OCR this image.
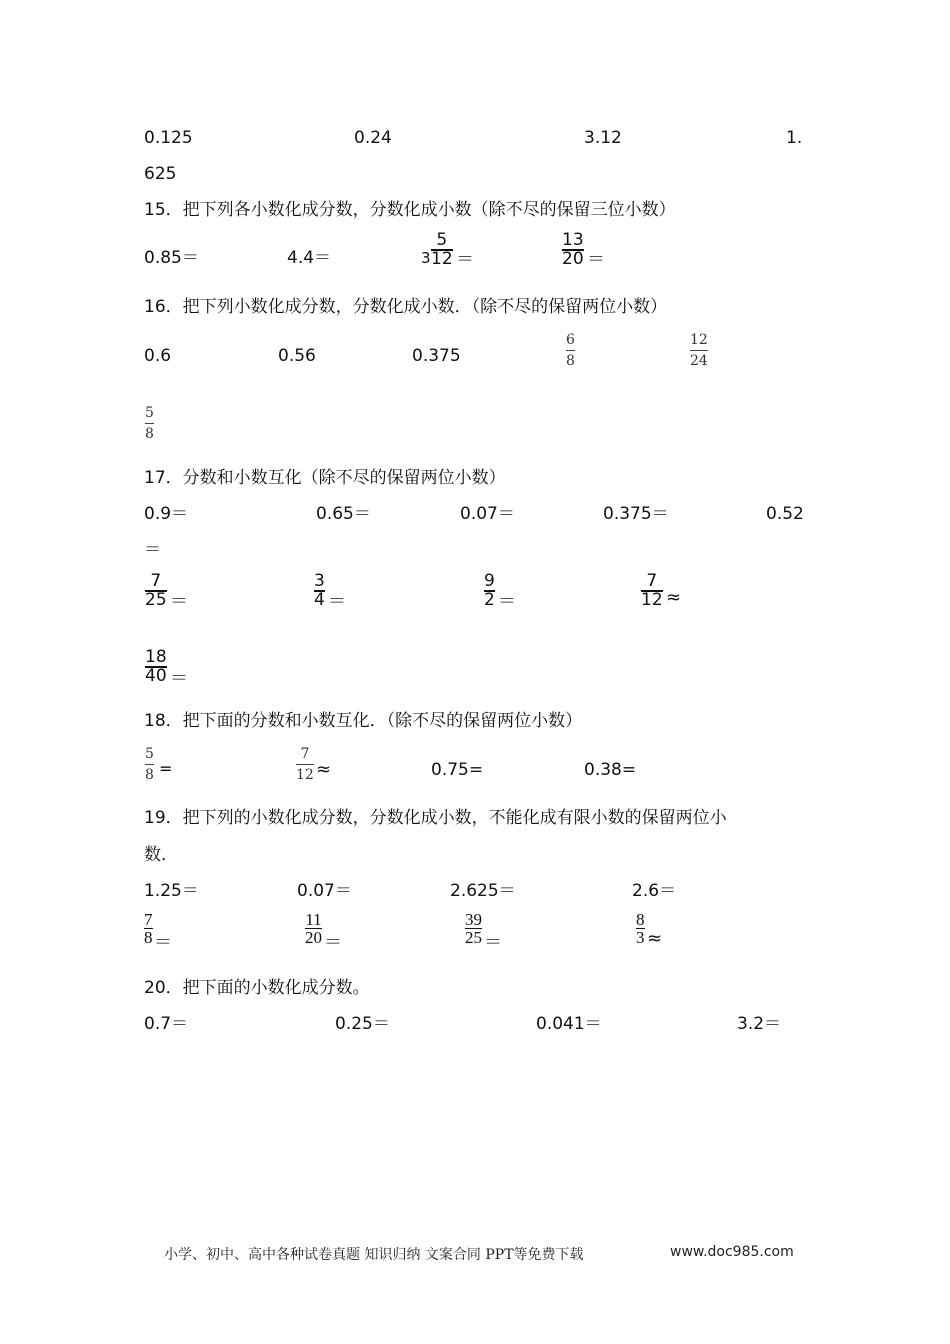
0.125	0.24	3.12	1.
625
15．把下列各小数化成分数，分数化成小数（除不尽的保留三位小数）
0.85＝	4.4＝	3
5
12 ＝
13
20 ＝
16．把下列小数化成分数，分数化成小数．（除不尽的保留两位小数）
0.6	0.56	0.375
6
8
12
24
5
8
17．分数和小数互化（除不尽的保留两位小数）
0.9＝	0.65＝	0.07＝	0.375＝	0.52
＝
7
25 ＝
3
4 ＝
9
2 ＝
7
12 ≈
18
40 ＝
18．把下面的分数和小数互化．（除不尽的保留两位小数）
5
8 =
7
12 ≈	0.75=	0.38=
19．把下列的小数化成分数，分数化成小数，不能化成有限小数的保留两位小
数．
1.25＝	0.07＝	2.625＝	2.6＝
7
8 ＝
11
20 ＝
39
25 ＝
8
3 ≈
20．把下面的小数化成分数。
0.7＝	0.25＝	0.041＝	3.2＝
小学、初中、高中各种试卷真题 知识归纳 文案合同 PPT等免费下载	www.doc985.com
